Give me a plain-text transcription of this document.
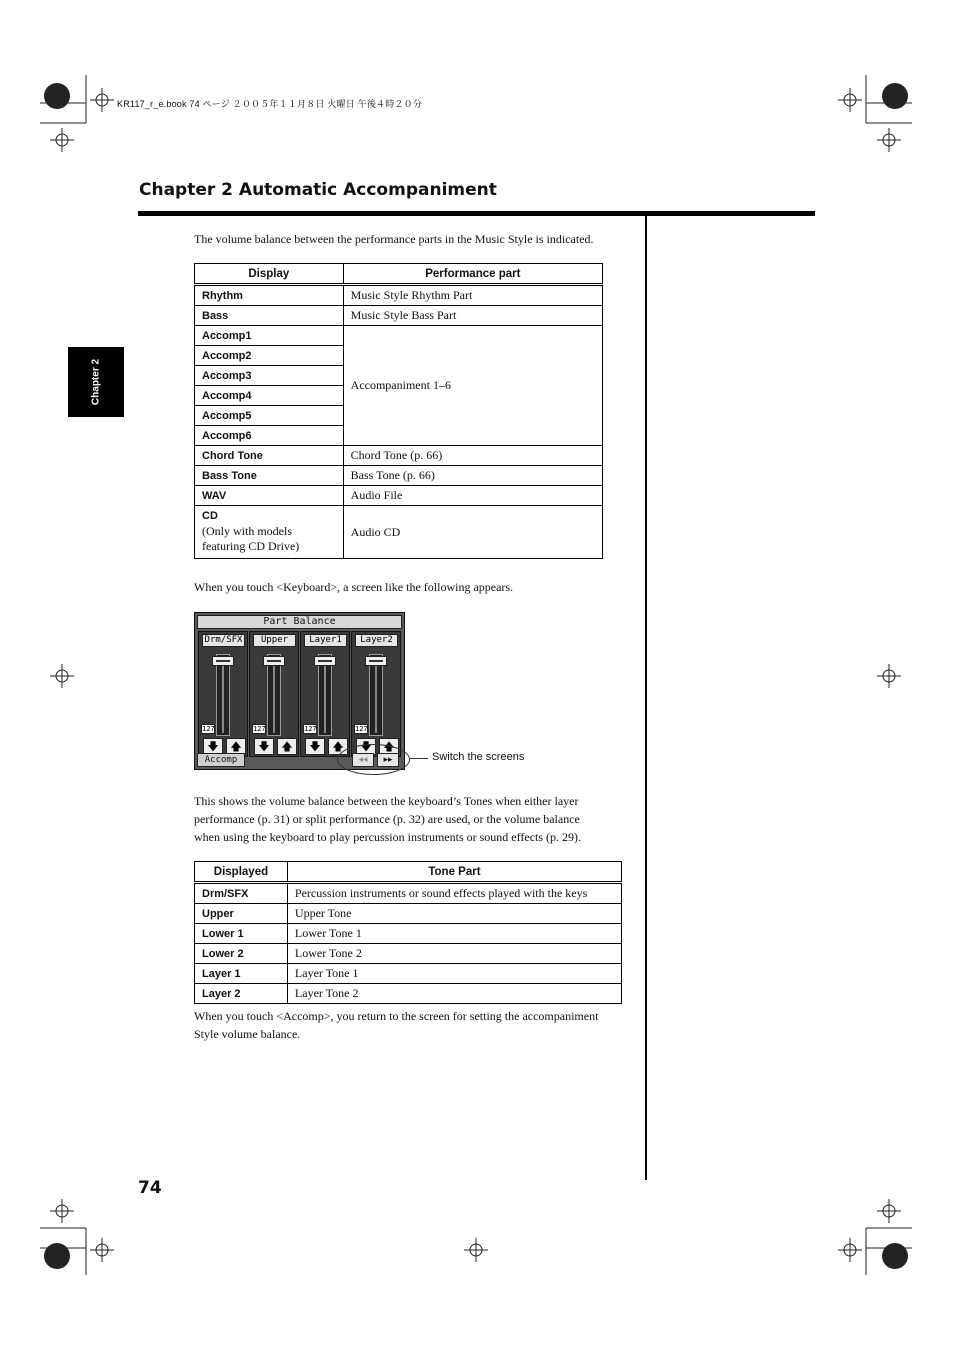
KR117_r_e.book 74 ページ ２００５年１１月８日 火曜日 午後４時２０分
Chapter 2 Automatic Accompaniment
Chapter 2
The volume balance between the performance parts in the Music Style is indicated.
Display	Performance part
Rhythm	Music Style Rhythm Part
Bass	Music Style Bass Part
Accomp1	Accompaniment 1–6
Accomp2	
Accomp3	
Accomp4	
Accomp5	
Accomp6	
Chord Tone	Chord Tone (p. 66)
Bass Tone	Bass Tone (p. 66)
WAV	Audio File

CD
(Only with models
featuring CD Drive)	Audio CD
When you touch <Keyboard>, a screen like the following appears.
Part Balance
Drm/SFX
127
🡇	🡅
Upper
127
🡇	🡅
Layer1
127
🡇	🡅
Layer2
127
🡇	🡅
Accomp	◂◂	▸▸	Switch the screens
This shows the volume balance between the keyboard’s Tones when either layer
performance (p. 31) or split performance (p. 32) are used, or the volume balance
when using the keyboard to play percussion instruments or sound effects (p. 29).
Displayed	Tone Part
Drm/SFX	Percussion instruments or sound effects played with the keys
Upper	Upper Tone
Lower 1	Lower Tone 1
Lower 2	Lower Tone 2
Layer 1	Layer Tone 1
Layer 2	Layer Tone 2
When you touch <Accomp>, you return to the screen for setting the accompaniment
Style volume balance.
74
